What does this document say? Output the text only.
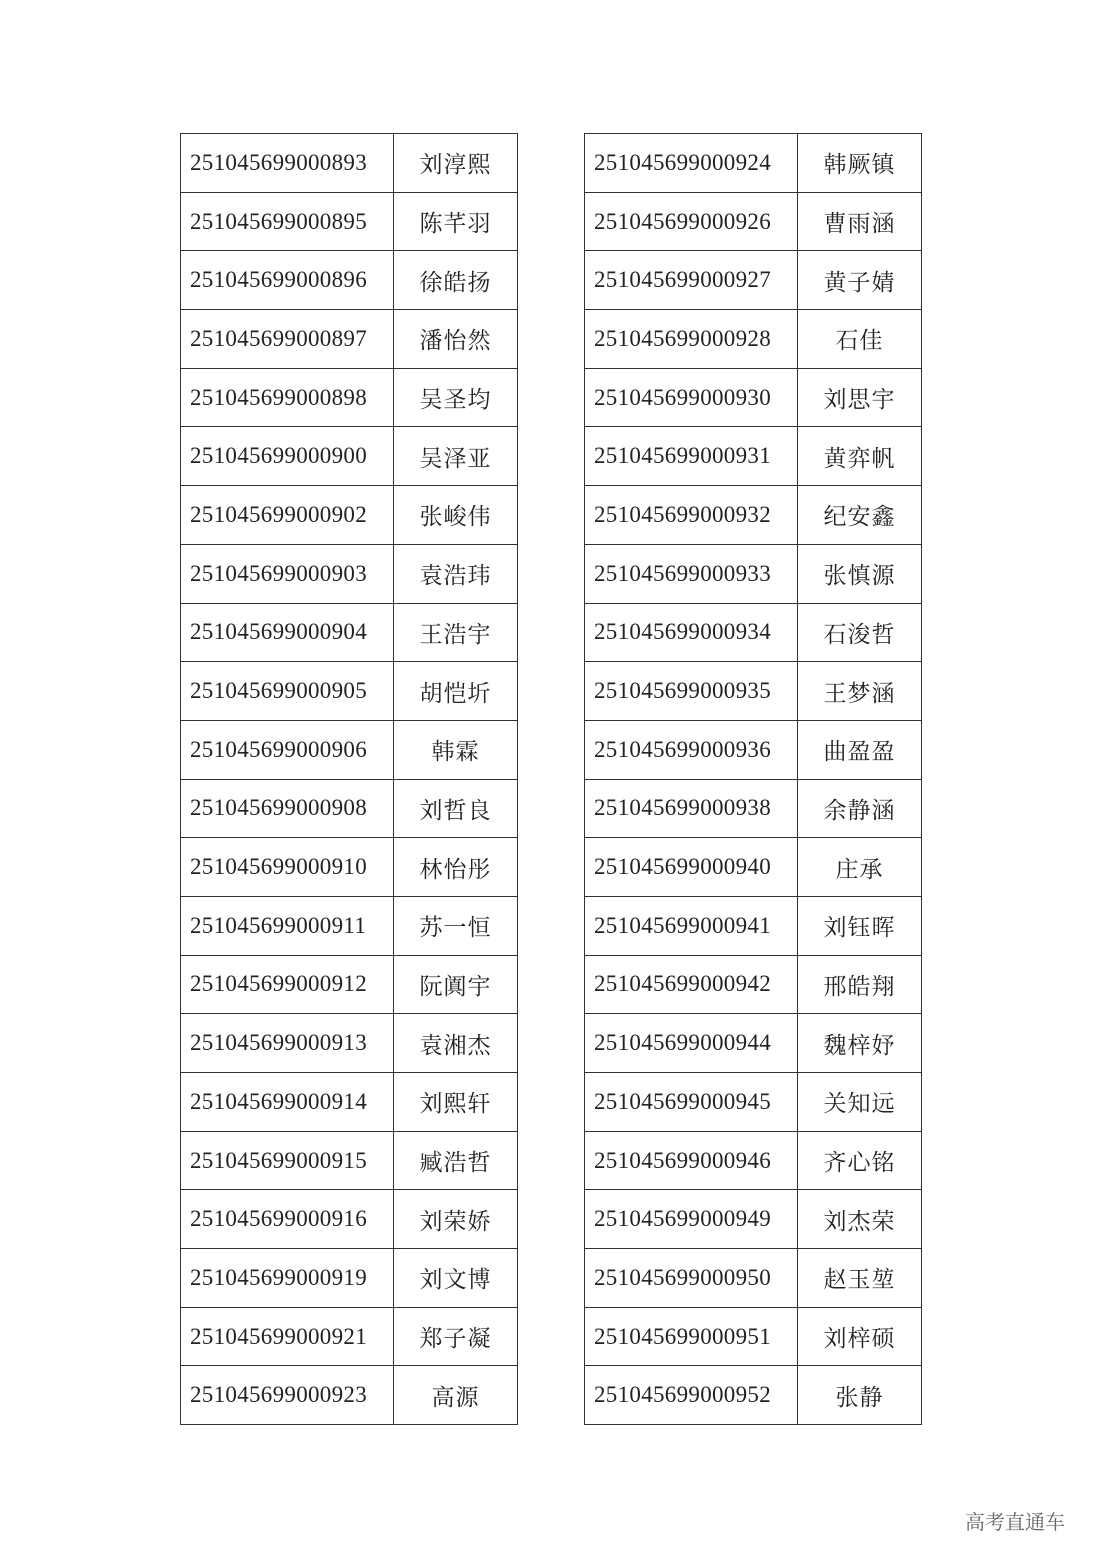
251045699000893	刘淳熙
251045699000895	陈芊羽
251045699000896	徐皓扬
251045699000897	潘怡然
251045699000898	吴圣均
251045699000900	吴泽亚
251045699000902	张峻伟
251045699000903	袁浩玮
251045699000904	王浩宇
251045699000905	胡恺圻
251045699000906	韩霖
251045699000908	刘哲良
251045699000910	林怡彤
251045699000911	苏一恒
251045699000912	阮阗宇
251045699000913	袁湘杰
251045699000914	刘熙轩
251045699000915	臧浩哲
251045699000916	刘荣娇
251045699000919	刘文博
251045699000921	郑子凝
251045699000923	高源
251045699000924	韩厥镇
251045699000926	曹雨涵
251045699000927	黄子婧
251045699000928	石佳
251045699000930	刘思宇
251045699000931	黄弈帆
251045699000932	纪安鑫
251045699000933	张慎源
251045699000934	石浚哲
251045699000935	王梦涵
251045699000936	曲盈盈
251045699000938	余静涵
251045699000940	庄承
251045699000941	刘钰晖
251045699000942	邢皓翔
251045699000944	魏梓妤
251045699000945	关知远
251045699000946	齐心铭
251045699000949	刘杰荣
251045699000950	赵玉堃
251045699000951	刘梓硕
251045699000952	张静
高考直通车
